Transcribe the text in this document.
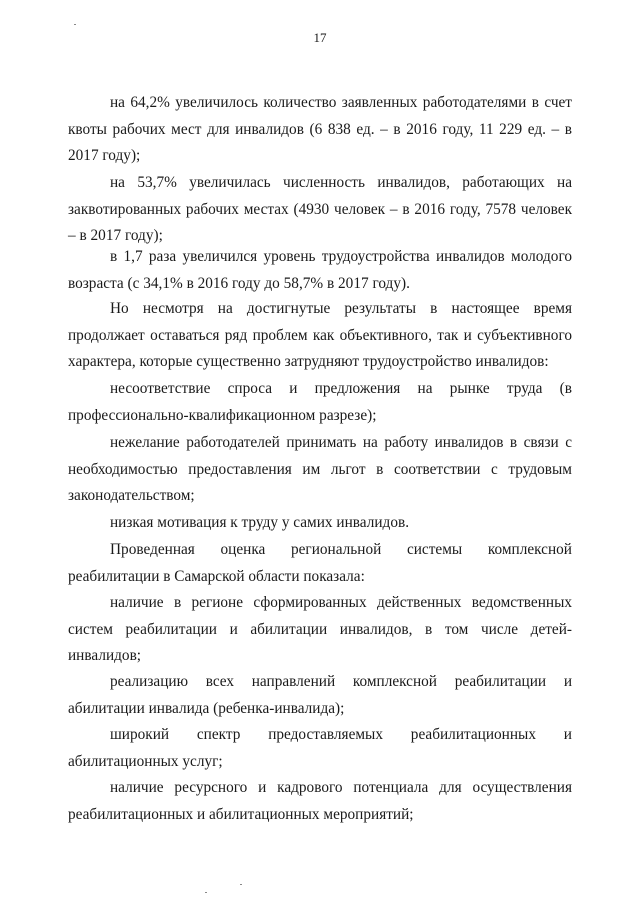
17

на 64,2% увеличилось количество заявленных работодателями в счет квоты рабочих мест для инвалидов (6 838 ед. – в 2016 году, 11 229 ед. – в 2017 году);

на 53,7% увеличилась численность инвалидов, работающих на заквотированных рабочих местах (4930 человек – в 2016 году, 7578 человек – в 2017 году);

в 1,7 раза увеличился уровень трудоустройства инвалидов молодого возраста (с 34,1% в 2016 году до 58,7% в 2017 году).

Но несмотря на достигнутые результаты в настоящее время продолжает оставаться ряд проблем как объективного, так и субъективного характера, которые существенно затрудняют трудоустройство инвалидов:

несоответствие спроса и предложения на рынке труда (в профессионально-квалификационном разрезе);

нежелание работодателей принимать на работу инвалидов в связи с необходимостью предоставления им льгот в соответствии с трудовым законодательством;

низкая мотивация к труду у самих инвалидов.

Проведенная оценка региональной системы комплексной реабилитации в Самарской области показала:

наличие в регионе сформированных действенных ведомственных систем реабилитации и абилитации инвалидов, в том числе детей-инвалидов;

реализацию всех направлений комплексной реабилитации и абилитации инвалида (ребенка-инвалида);

широкий спектр предоставляемых реабилитационных и абилитационных услуг;

наличие ресурсного и кадрового потенциала для осуществления реабилитационных и абилитационных мероприятий;
